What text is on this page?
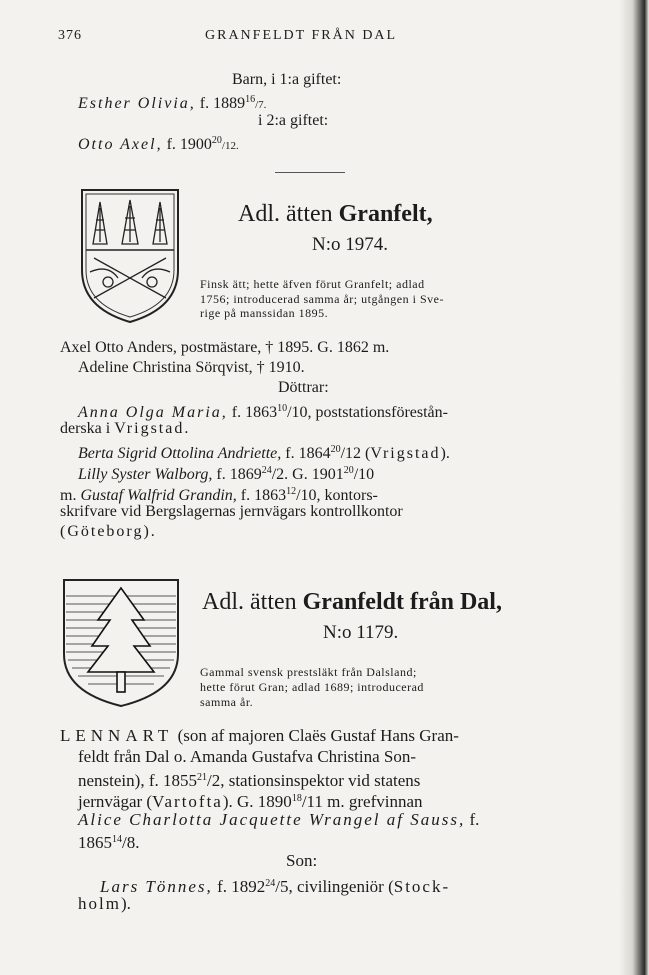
376	GRANFELDT FRÅN DAL
Barn, i 1:a giftet:
Esther Olivia, f. 1889$^{16}$/7.
i 2:a giftet:
Otto Axel, f. 1900$^{20}$/12.
Adl. ätten Granfelt,
N:o 1974.
Finsk ätt; hette äfven förut Granfelt; adlad
1756; introducerad samma år; utgången i Sve-
rige på manssidan 1895.
Axel Otto Anders, postmästare, † 1895. G. 1862 m.
Adeline Christina Sörqvist, † 1910.
Döttrar:
Anna Olga Maria, f. 1863$^{10}$/10, poststationsförestån-
derska i Vrigstad.
Berta Sigrid Ottolina Andriette, f. 1864$^{20}$/12 (Vrigstad).
Lilly Syster Walborg, f. 1869$^{24}$/2. G. 1901$^{20}$/10
m. Gustaf Walfrid Grandin, f. 1863$^{12}$/10, kontors-
skrifvare vid Bergslagernas jernvägars kontrollkontor
(Göteborg).
Adl. ätten Granfeldt från Dal,
N:o 1179.
Gammal svensk prestsläkt från Dalsland;
hette förut Gran; adlad 1689; introducerad
samma år.
LENNART (son af majoren Claës Gustaf Hans Gran-
feldt från Dal o. Amanda Gustafva Christina Son-
nenstein), f. 1855$^{21}$/2, stationsinspektor vid statens
jernvägar (Vartofta). G. 1890$^{18}$/11 m. grefvinnan
Alice Charlotta Jacquette Wrangel af Sauss, f.
1865$^{14}$/8.
Son:
Lars Tönnes, f. 1892$^{24}$/5, civilingeniör (Stock-
holm).
